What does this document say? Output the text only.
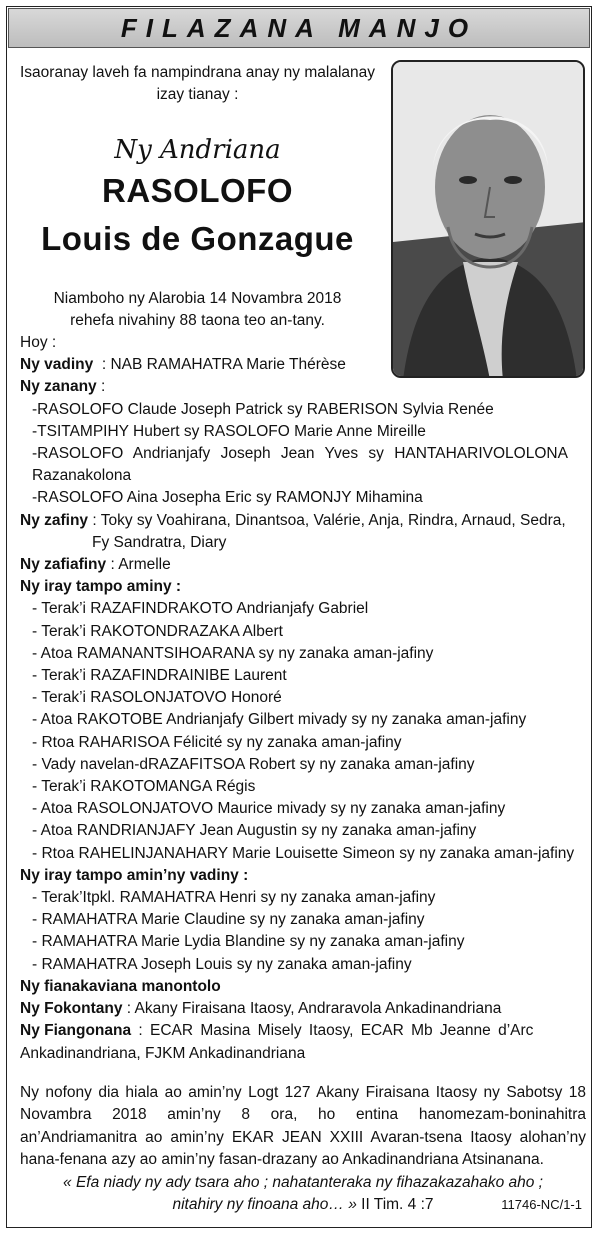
FILAZANA MANJO
Isaoranay laveh fa nampindrana anay ny malalanay
izay tianay :
Ny Andriana
RASOLOFO
Louis de Gonzague
Niamboho ny Alarobia 14 Novambra 2018
rehefa nivahiny 88 taona teo an-tany.
Hoy :
Ny vadiny : NAB RAMAHATRA Marie Thérèse
Ny zanany :
-RASOLOFO Claude Joseph Patrick sy RABERISON Sylvia Renée
-TSITAMPIHY Hubert sy RASOLOFO Marie Anne Mireille
-RASOLOFO Andrianjafy Joseph Jean Yves sy HANTAHARIVOLOLONA
Razanakolona
-RASOLOFO Aina Josepha Eric sy RAMONJY Mihamina
Ny zafiny : Toky sy Voahirana, Dinantsoa, Valérie, Anja, Rindra, Arnaud, Sedra,
Fy Sandratra, Diary
Ny zafiafiny : Armelle
Ny iray tampo aminy :
- Terak’i RAZAFINDRAKOTO Andrianjafy Gabriel
- Terak’i RAKOTONDRAZAKA Albert
- Atoa RAMANANTSIHOARANA sy ny zanaka aman-jafiny
- Terak’i RAZAFINDRAINIBE Laurent
- Terak’i RASOLONJATOVO Honoré
- Atoa RAKOTOBE Andrianjafy Gilbert mivady sy ny zanaka aman-jafiny
- Rtoa RAHARISOA Félicité sy ny zanaka aman-jafiny
- Vady navelan-dRAZAFITSOA Robert sy ny zanaka aman-jafiny
- Terak’i RAKOTOMANGA Régis
- Atoa RASOLONJATOVO Maurice mivady sy ny zanaka aman-jafiny
- Atoa RANDRIANJAFY Jean Augustin sy ny zanaka aman-jafiny
- Rtoa RAHELINJANAHARY Marie Louisette Simeon sy ny zanaka aman-jafiny
Ny iray tampo amin’ny vadiny :
- Terak’Itpkl. RAMAHATRA Henri sy ny zanaka aman-jafiny
- RAMAHATRA Marie Claudine sy ny zanaka aman-jafiny
- RAMAHATRA Marie Lydia Blandine sy ny zanaka aman-jafiny
- RAMAHATRA Joseph Louis sy ny zanaka aman-jafiny
Ny fianakaviana manontolo
Ny Fokontany : Akany Firaisana Itaosy, Andraravola Ankadinandriana
Ny Fiangonana : ECAR Masina Misely Itaosy, ECAR Mb Jeanne d’Arc
Ankadinandriana, FJKM Ankadinandriana
Ny nofony dia hiala ao amin’ny Logt 127 Akany Firaisana Itaosy ny Sabotsy 18 Novambra 2018 amin’ny 8 ora, ho entina hanomezam-boninahitra an’Andriamanitra ao amin’ny EKAR JEAN XXIII Avaran-tsena Itaosy alohan’ny hana-fenana azy ao amin’ny fasan-drazany ao Ankadinandriana Atsinanana.
« Efa niady ny ady tsara aho ; nahatanteraka ny fihazakazahako aho ;
nitahiry ny finoana aho… » II Tim. 4 :7	11746-NC/1-1
